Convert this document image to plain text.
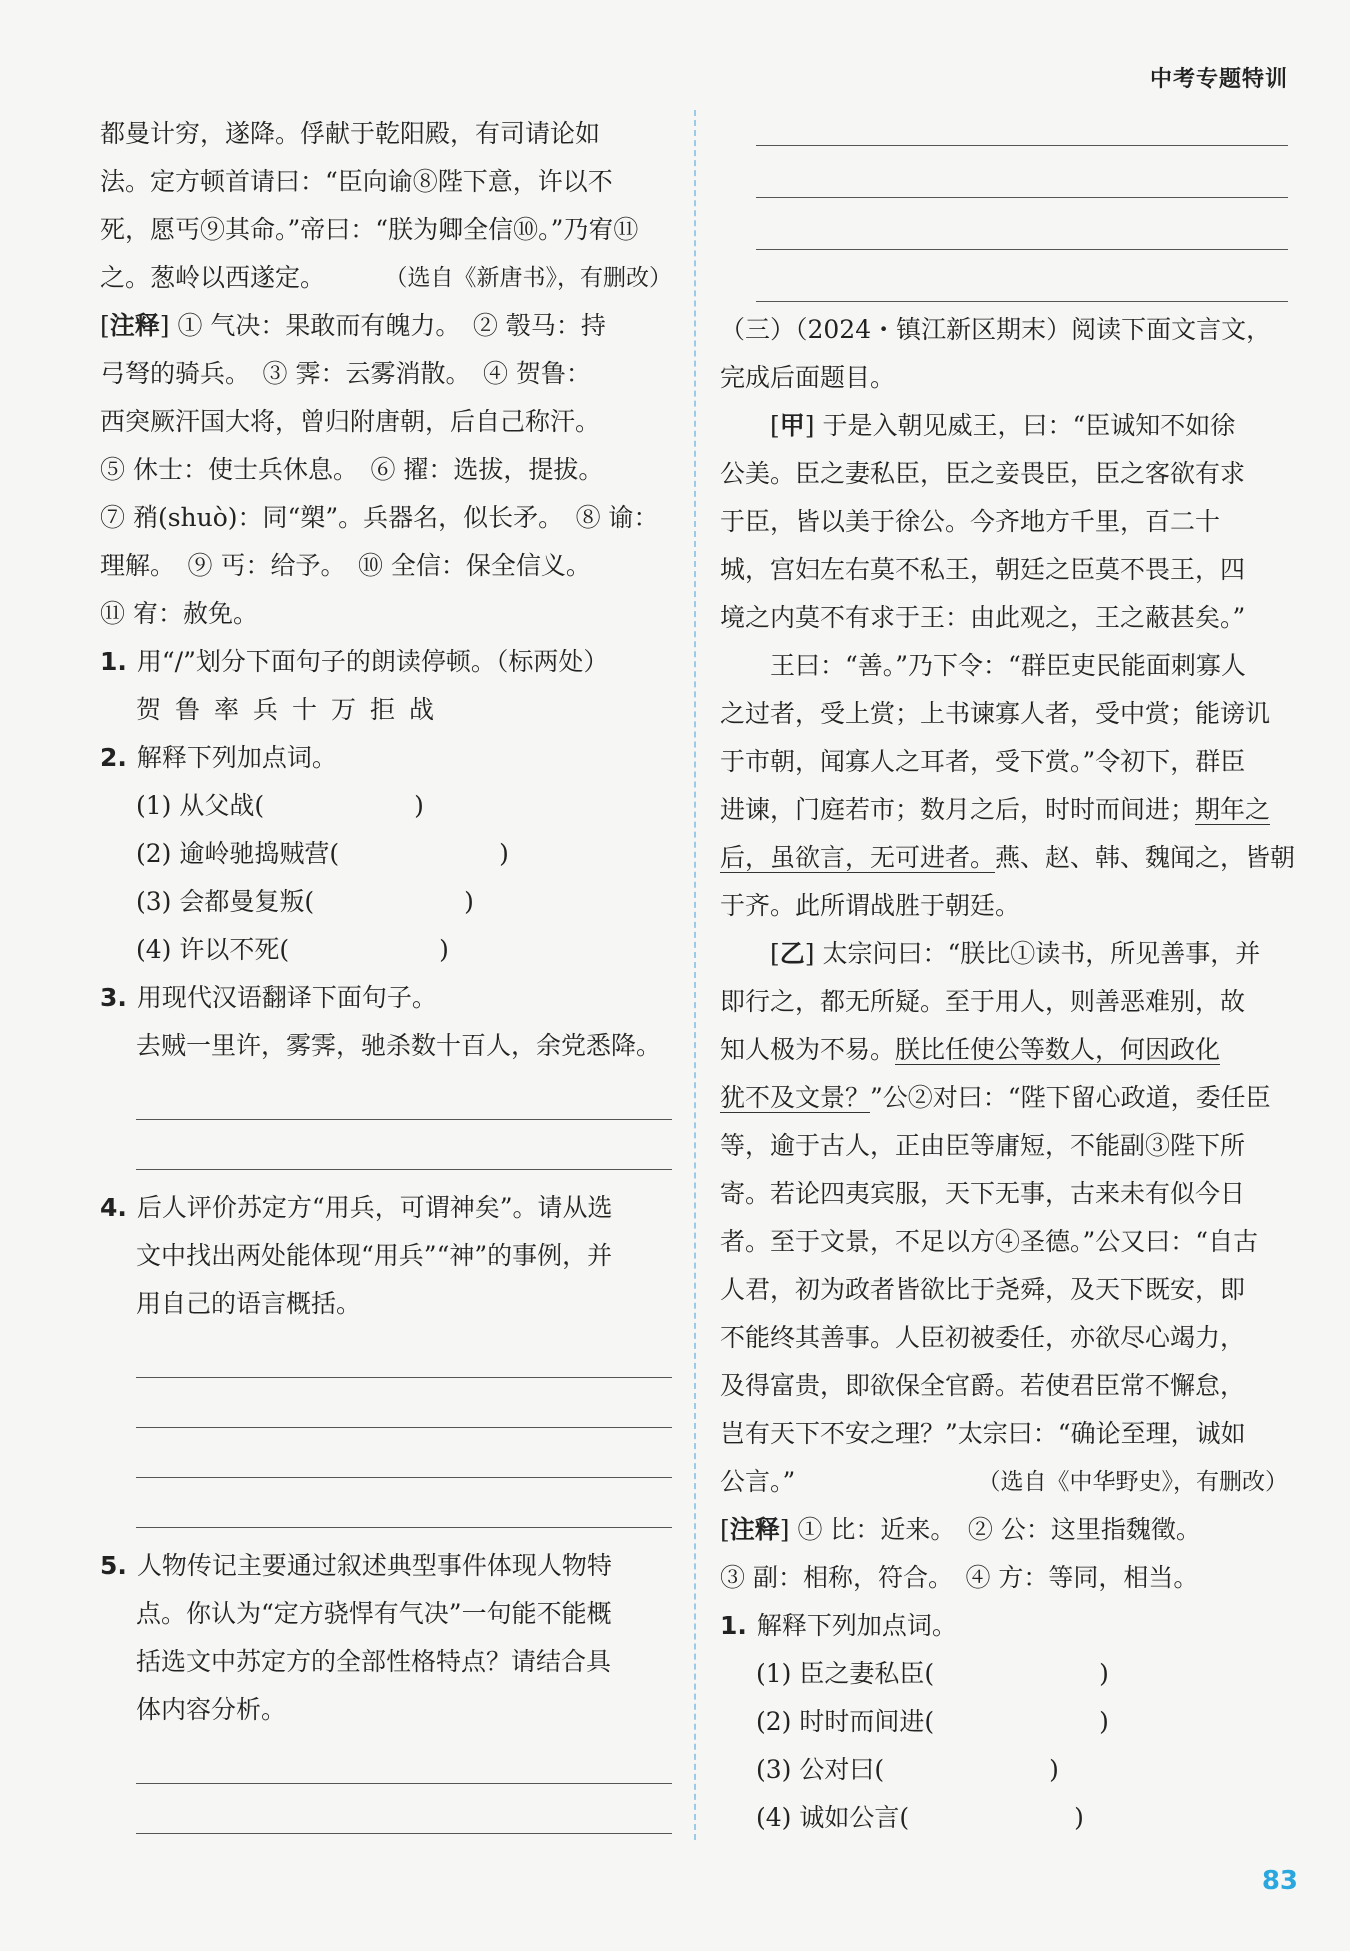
中考专题特训
都曼计穷，遂降。俘献于乾阳殿，有司请论如
法。定方顿首请曰：“臣向谕⑧陛下意，许以不
死，愿丐⑨其命。”帝曰：“朕为卿全信⑩。”乃宥⑪
之。葱岭以西遂定。	（选自《新唐书》，有删改）
[注释] ① 气决：果敢而有魄力。　② 彀马：持
弓弩的骑兵。　③ 霁：云雾消散。　④ 贺鲁：
西突厥汗国大将，曾归附唐朝，后自己称汗。
⑤ 休士：使士兵休息。　⑥ 擢：选拔，提拔。
⑦ 矟(shuò)：同“槊”。兵器名，似长矛。　⑧ 谕：
理解。　⑨ 丐：给予。　⑩ 全信：保全信义。
⑪ 宥：赦免。
1. 用“/”划分下面句子的朗读停顿。（标两处）
贺鲁率兵十万拒战
2. 解释下列加点词。
(1) 从父战(	)
(2) 逾岭驰捣贼营(	)
(3) 会都曼复叛(	)
(4) 许以不死(	)
3. 用现代汉语翻译下面句子。
去贼一里许，雾霁，驰杀数十百人，余党悉降。
4. 后人评价苏定方“用兵，可谓神矣”。请从选
文中找出两处能体现“用兵”“神”的事例，并
用自己的语言概括。
5. 人物传记主要通过叙述典型事件体现人物特
点。你认为“定方骁悍有气决”一句能不能概
括选文中苏定方的全部性格特点？请结合具
体内容分析。
（三）（2024・镇江新区期末）阅读下面文言文，
完成后面题目。
[甲] 于是入朝见威王，曰：“臣诚知不如徐
公美。臣之妻私臣，臣之妾畏臣，臣之客欲有求
于臣，皆以美于徐公。今齐地方千里，百二十
城，宫妇左右莫不私王，朝廷之臣莫不畏王，四
境之内莫不有求于王：由此观之，王之蔽甚矣。”
王曰：“善。”乃下令：“群臣吏民能面刺寡人
之过者，受上赏；上书谏寡人者，受中赏；能谤讥
于市朝，闻寡人之耳者，受下赏。”令初下，群臣
进谏，门庭若市；数月之后，时时而间进；期年之
后，虽欲言，无可进者。燕、赵、韩、魏闻之，皆朝
于齐。此所谓战胜于朝廷。
[乙] 太宗问曰：“朕比①读书，所见善事，并
即行之，都无所疑。至于用人，则善恶难别，故
知人极为不易。朕比任使公等数人，何因政化
犹不及文景？”公②对曰：“陛下留心政道，委任臣
等，逾于古人，正由臣等庸短，不能副③陛下所
寄。若论四夷宾服，天下无事，古来未有似今日
者。至于文景，不足以方④圣德。”公又曰：“自古
人君，初为政者皆欲比于尧舜，及天下既安，即
不能终其善事。人臣初被委任，亦欲尽心竭力，
及得富贵，即欲保全官爵。若使君臣常不懈怠，
岂有天下不安之理？”太宗曰：“确论至理，诚如
公言。”	（选自《中华野史》，有删改）
[注释] ① 比：近来。　② 公：这里指魏徵。
③ 副：相称，符合。　④ 方：等同，相当。
1. 解释下列加点词。
(1) 臣之妻私臣(	)
(2) 时时而间进(	)
(3) 公对曰(	)
(4) 诚如公言(	)
83
